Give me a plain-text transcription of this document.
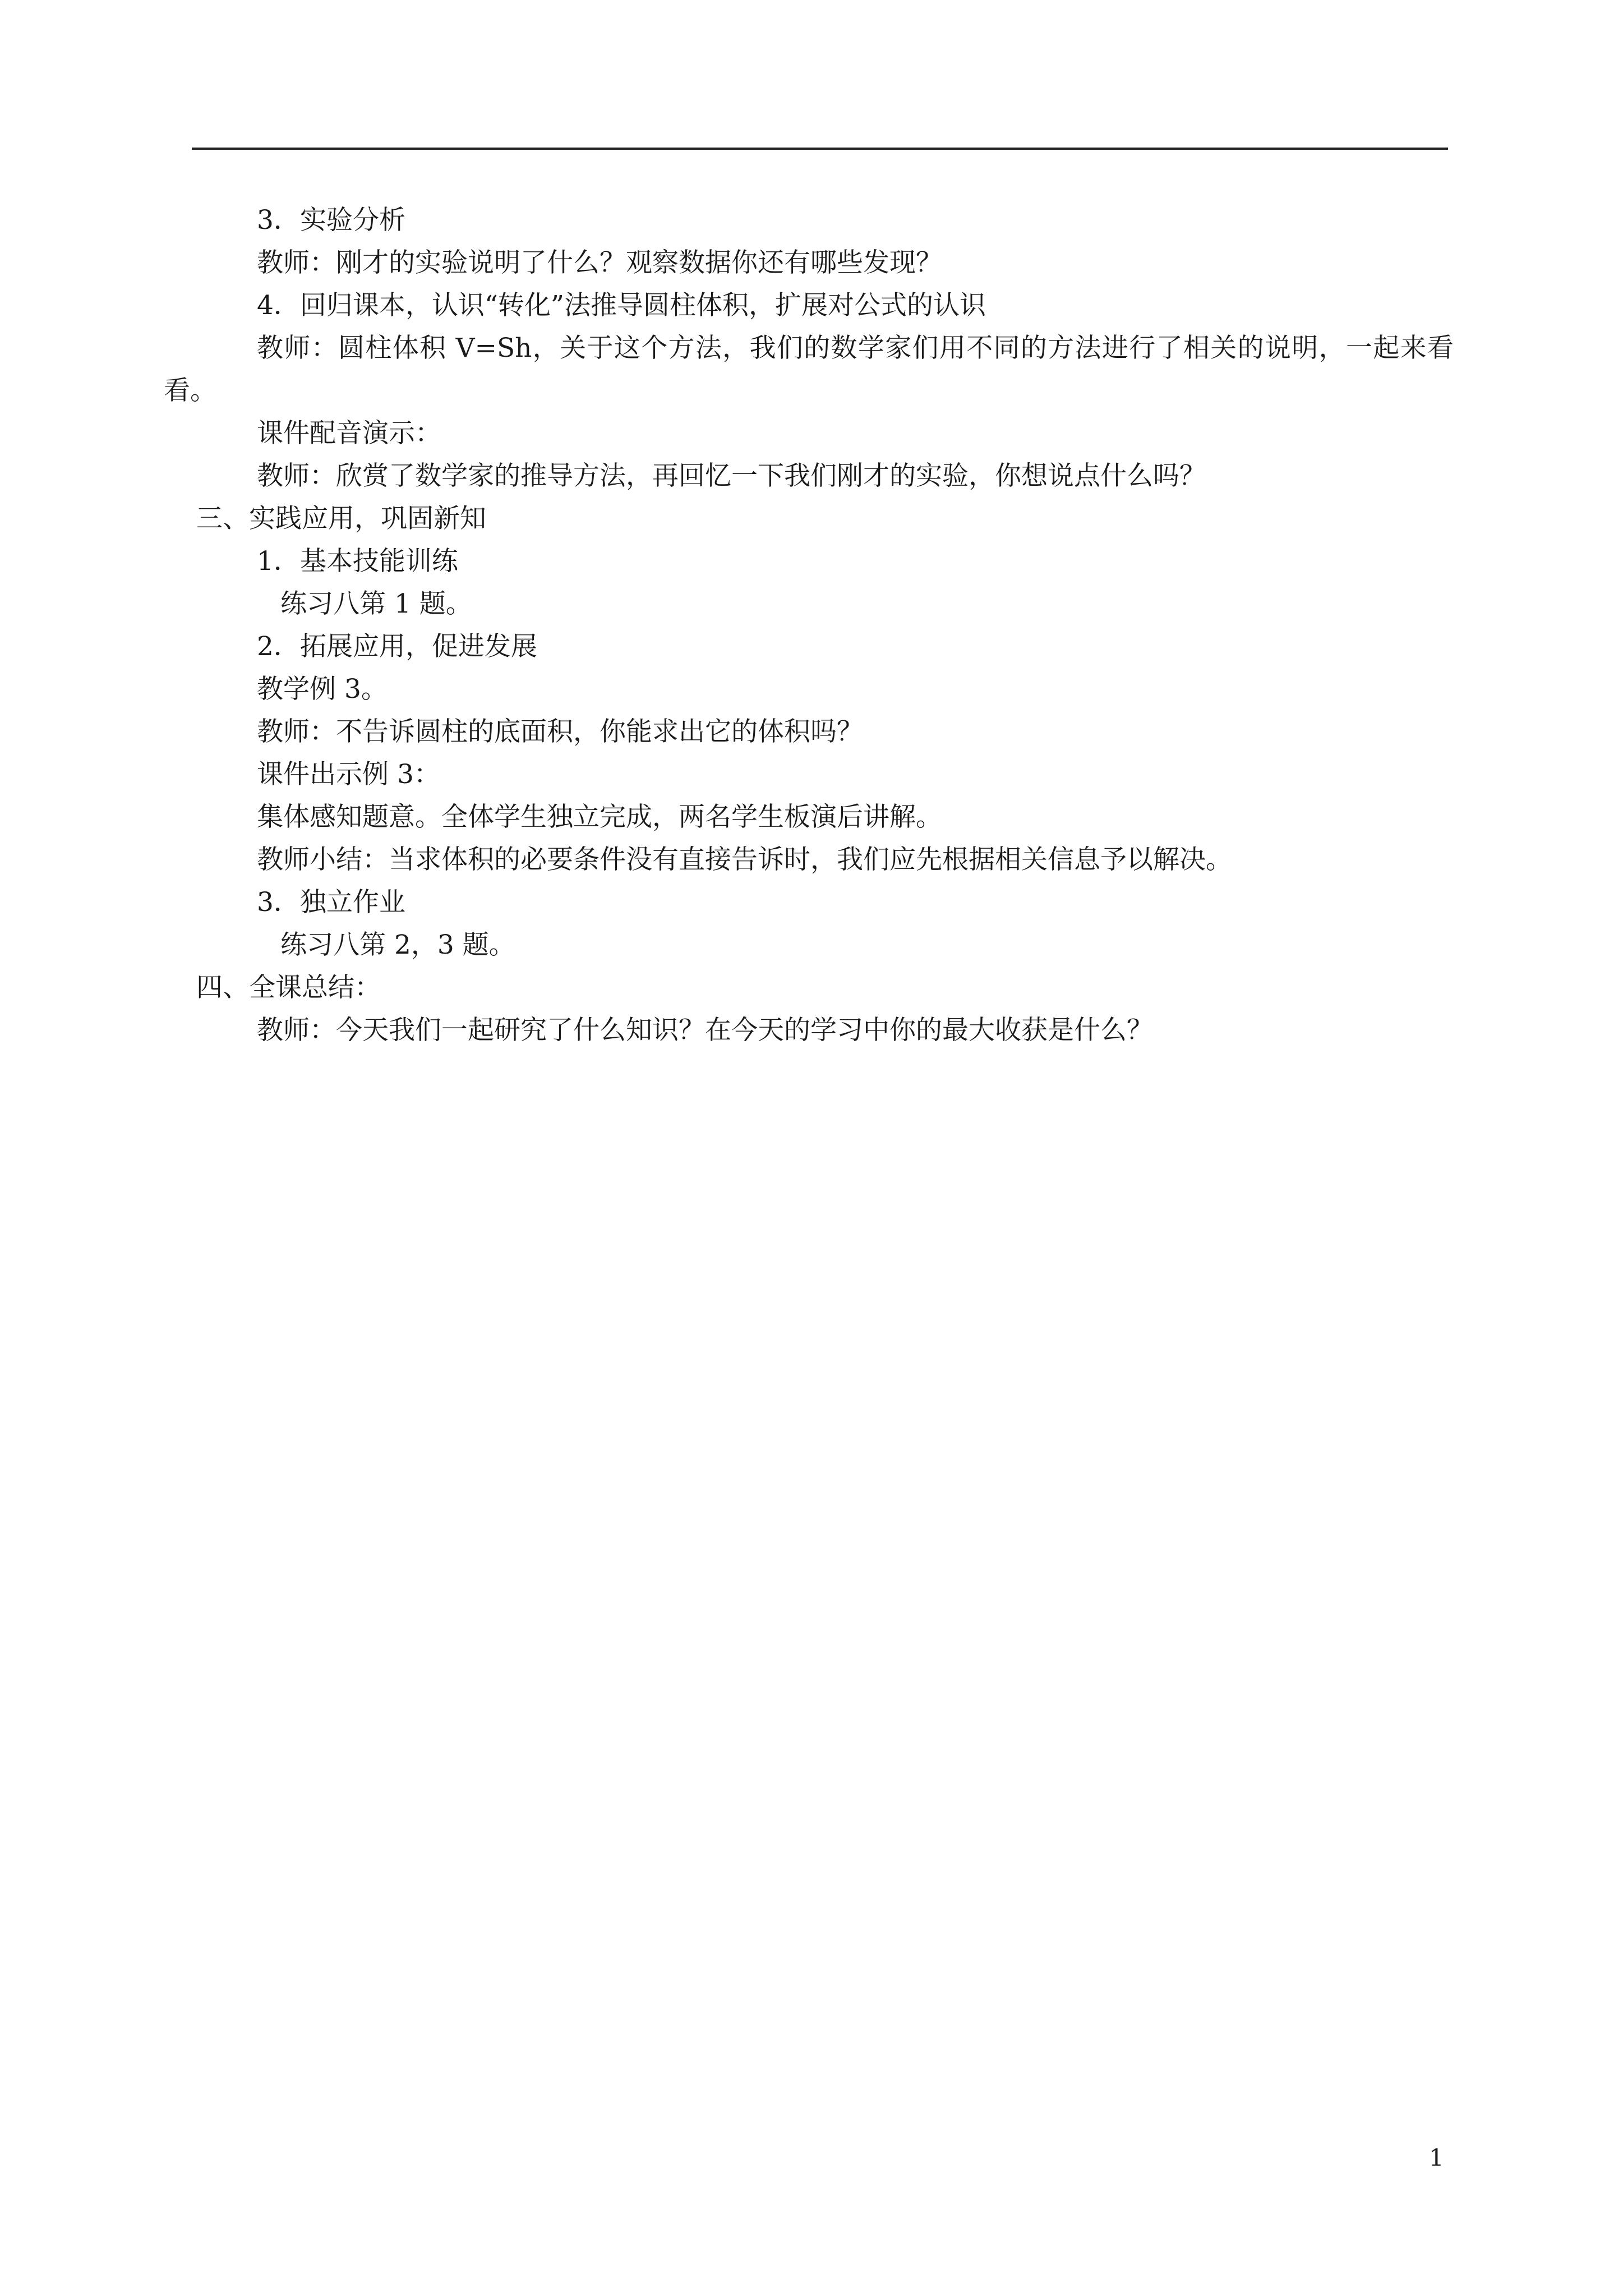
3．实验分析
教师：刚才的实验说明了什么？观察数据你还有哪些发现？
4．回归课本，认识“转化”法推导圆柱体积，扩展对公式的认识
教师：圆柱体积 V=Sh，关于这个方法，我们的数学家们用不同的方法进行了相关的说明，一起来看看。
课件配音演示：
教师：欣赏了数学家的推导方法，再回忆一下我们刚才的实验，你想说点什么吗？
三、实践应用，巩固新知
1．基本技能训练
练习八第 1 题。
2．拓展应用，促进发展
教学例 3。
教师：不告诉圆柱的底面积，你能求出它的体积吗？
课件出示例 3：
集体感知题意。全体学生独立完成，两名学生板演后讲解。
教师小结：当求体积的必要条件没有直接告诉时，我们应先根据相关信息予以解决。
3．独立作业
练习八第 2，3 题。
四、全课总结：
教师：今天我们一起研究了什么知识？在今天的学习中你的最大收获是什么？
1
